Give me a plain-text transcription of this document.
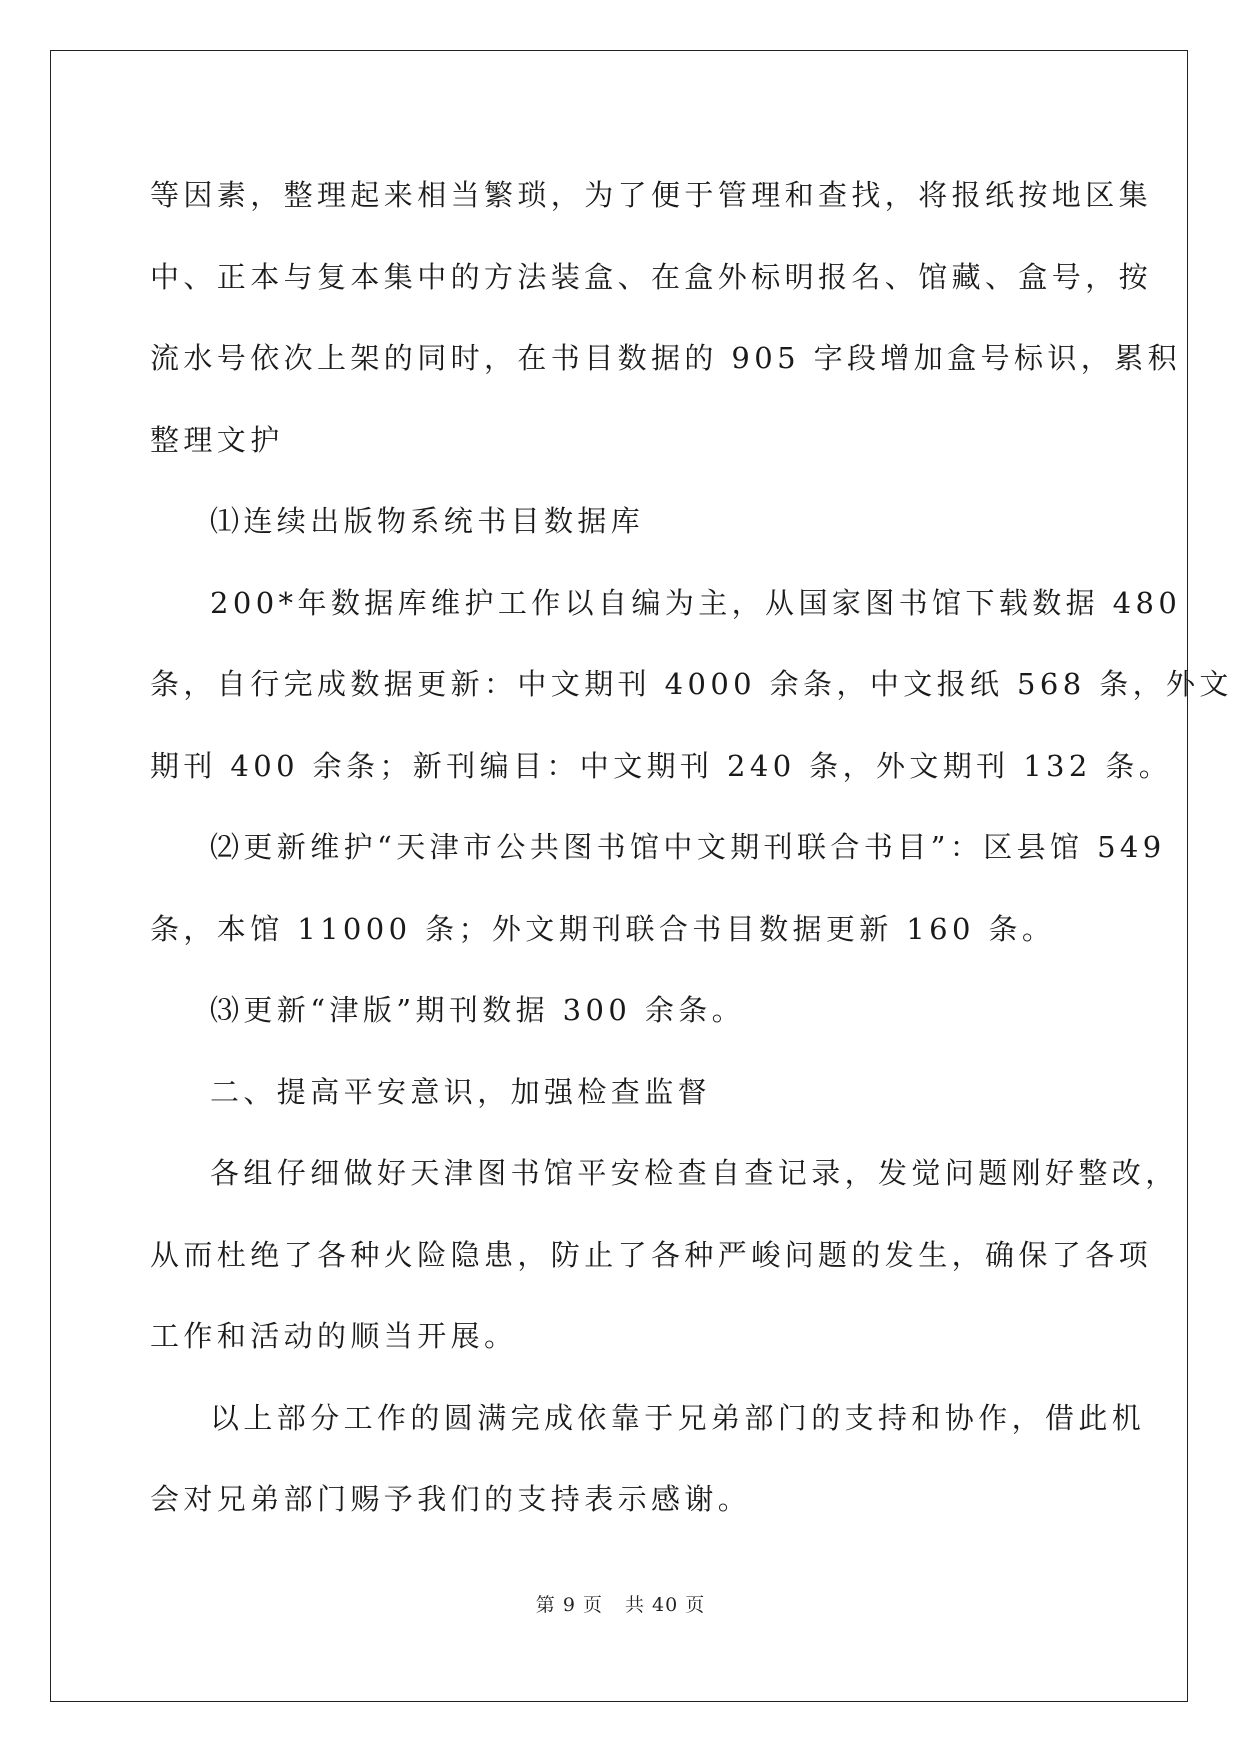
等因素，整理起来相当繁琐，为了便于管理和查找，将报纸按地区集
中、正本与复本集中的方法装盒、在盒外标明报名、馆藏、盒号，按
流水号依次上架的同时，在书目数据的 905 字段增加盒号标识，累积
整理文护

⑴连续出版物系统书目数据库

200*年数据库维护工作以自编为主，从国家图书馆下载数据 480
条，自行完成数据更新：中文期刊 4000 余条，中文报纸 568 条，外文
期刊 400 余条；新刊编目：中文期刊 240 条，外文期刊 132 条。

⑵更新维护“天津市公共图书馆中文期刊联合书目”：区县馆 549
条，本馆 11000 条；外文期刊联合书目数据更新 160 条。

⑶更新“津版”期刊数据 300 余条。

二、提高平安意识，加强检查监督

各组仔细做好天津图书馆平安检查自查记录，发觉问题刚好整改，
从而杜绝了各种火险隐患，防止了各种严峻问题的发生，确保了各项
工作和活动的顺当开展。

以上部分工作的圆满完成依靠于兄弟部门的支持和协作，借此机
会对兄弟部门赐予我们的支持表示感谢。

第 9 页 共 40 页
